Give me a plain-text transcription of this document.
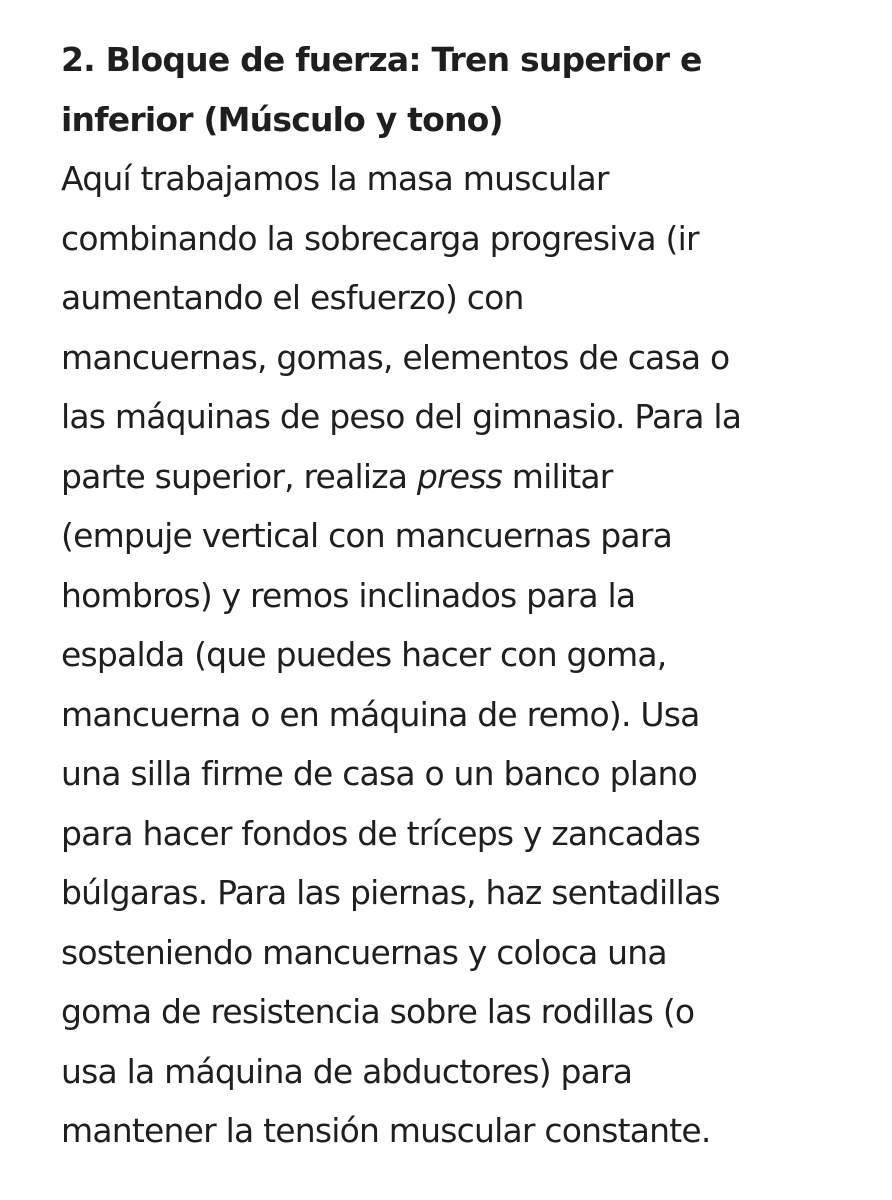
2. Bloque de fuerza: Tren superior e
inferior (Músculo y tono)

Aquí trabajamos la masa muscular
combinando la sobrecarga progresiva (ir
aumentando el esfuerzo) con
mancuernas, gomas, elementos de casa o
las máquinas de peso del gimnasio. Para la
parte superior, realiza press militar
(empuje vertical con mancuernas para
hombros) y remos inclinados para la
espalda (que puedes hacer con goma,
mancuerna o en máquina de remo). Usa
una silla firme de casa o un banco plano
para hacer fondos de tríceps y zancadas
búlgaras. Para las piernas, haz sentadillas
sosteniendo mancuernas y coloca una
goma de resistencia sobre las rodillas (o
usa la máquina de abductores) para
mantener la tensión muscular constante.
